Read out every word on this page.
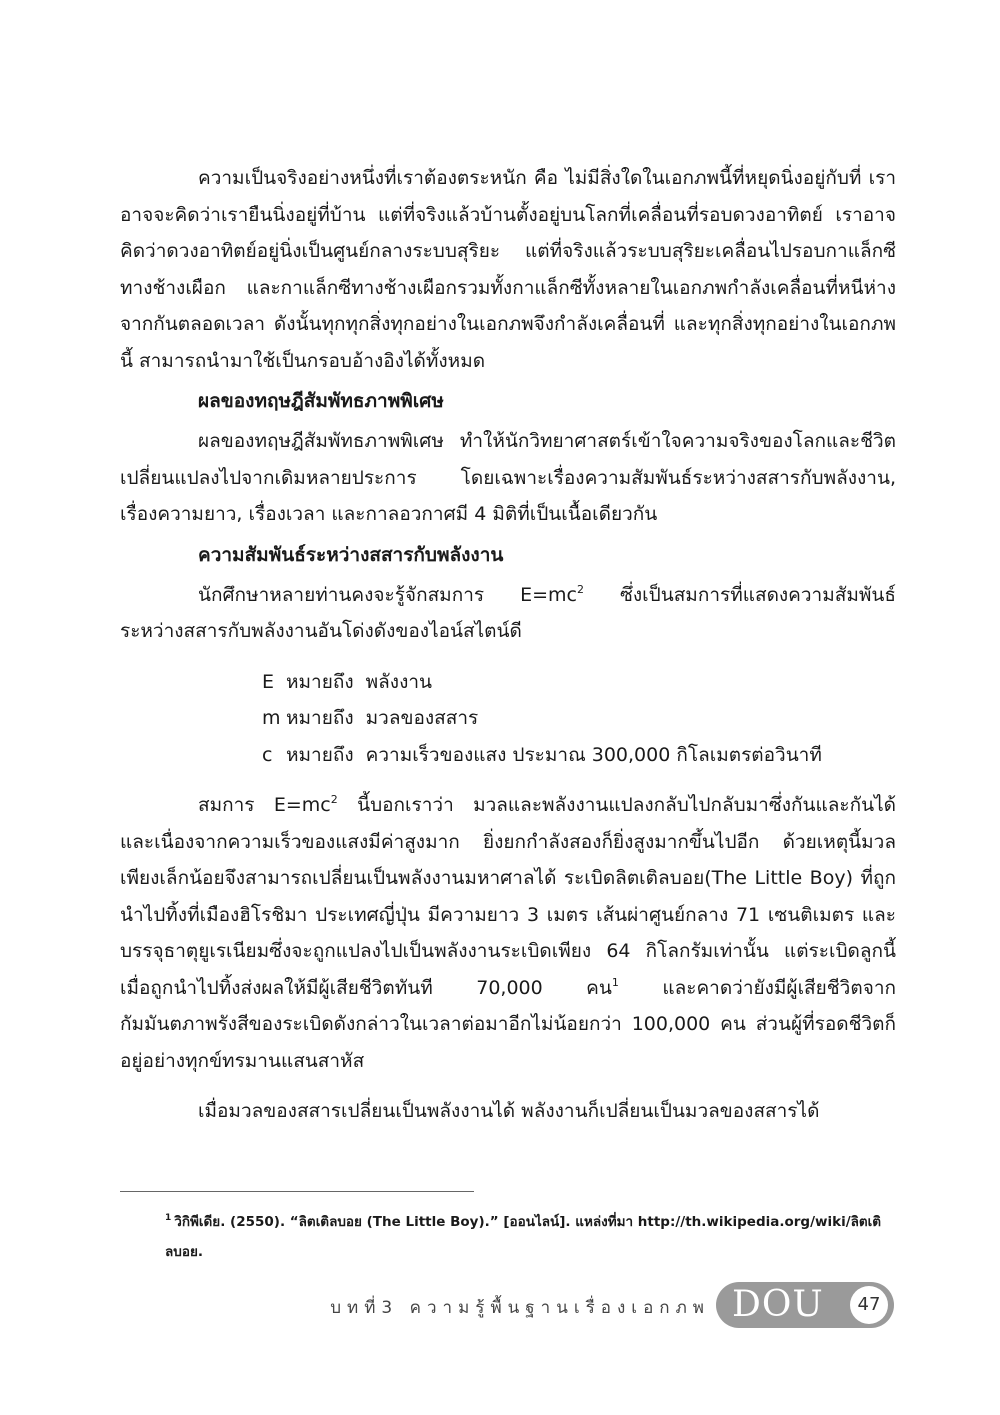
ความเป็นจริงอย่างหนึ่งที่เราต้องตระหนัก คือ ไม่มีสิ่งใดในเอกภพนี้ที่หยุดนิ่งอยู่กับที่ เราอาจจะคิดว่าเรายืนนิ่งอยู่ที่บ้าน แต่ที่จริงแล้วบ้านตั้งอยู่บนโลกที่เคลื่อนที่รอบดวงอาทิตย์ เราอาจคิดว่าดวงอาทิตย์อยู่นิ่งเป็นศูนย์กลางระบบสุริยะ แต่ที่จริงแล้วระบบสุริยะเคลื่อนไปรอบกาแล็กซีทางช้างเผือก และกาแล็กซีทางช้างเผือกรวมทั้งกาแล็กซีทั้งหลายในเอกภพกำลังเคลื่อนที่หนีห่างจากกันตลอดเวลา ดังนั้นทุกทุกสิ่งทุกอย่างในเอกภพจึงกำลังเคลื่อนที่ และทุกสิ่งทุกอย่างในเอกภพนี้ สามารถนำมาใช้เป็นกรอบอ้างอิงได้ทั้งหมด

ผลของทฤษฎีสัมพัทธภาพพิเศษ

ผลของทฤษฎีสัมพัทธภาพพิเศษ ทำให้นักวิทยาศาสตร์เข้าใจความจริงของโลกและชีวิตเปลี่ยนแปลงไปจากเดิมหลายประการ โดยเฉพาะเรื่องความสัมพันธ์ระหว่างสสารกับพลังงาน, เรื่องความยาว, เรื่องเวลา และกาลอวกาศมี 4 มิติที่เป็นเนื้อเดียวกัน

ความสัมพันธ์ระหว่างสสารกับพลังงาน

นักศึกษาหลายท่านคงจะรู้จักสมการ $E=mc^2$ ซึ่งเป็นสมการที่แสดงความสัมพันธ์ระหว่างสสารกับพลังงานอันโด่งดังของไอน์สไตน์ดี

E หมายถึง พลังงาน
m หมายถึง มวลของสสาร
c หมายถึง ความเร็วของแสง ประมาณ 300,000 กิโลเมตรต่อวินาที

สมการ $E=mc^2$ นี้บอกเราว่า มวลและพลังงานแปลงกลับไปกลับมาซึ่งกันและกันได้ และเนื่องจากความเร็วของแสงมีค่าสูงมาก ยิ่งยกกำลังสองก็ยิ่งสูงมากขึ้นไปอีก ด้วยเหตุนี้มวลเพียงเล็กน้อยจึงสามารถเปลี่ยนเป็นพลังงานมหาศาลได้ ระเบิดลิตเติลบอย(The Little Boy) ที่ถูกนำไปทิ้งที่เมืองฮิโรชิมา ประเทศญี่ปุ่น มีความยาว 3 เมตร เส้นผ่าศูนย์กลาง 71 เซนติเมตร และบรรจุธาตุยูเรเนียมซึ่งจะถูกแปลงไปเป็นพลังงานระเบิดเพียง 64 กิโลกรัมเท่านั้น แต่ระเบิดลูกนี้เมื่อถูกนำไปทิ้งส่งผลให้มีผู้เสียชีวิตทันที 70,000 คน$^1$ และคาดว่ายังมีผู้เสียชีวิตจากกัมมันตภาพรังสีของระเบิดดังกล่าวในเวลาต่อมาอีกไม่น้อยกว่า 100,000 คน ส่วนผู้ที่รอดชีวิตก็อยู่อย่างทุกข์ทรมานแสนสาหัส

เมื่อมวลของสสารเปลี่ยนเป็นพลังงานได้ พลังงานก็เปลี่ยนเป็นมวลของสสารได้

$^1$ วิกิพีเดีย. (2550). “ลิตเติลบอย (The Little Boy).” [ออนไลน์]. แหล่งที่มา http://th.wikipedia.org/wiki/ลิตเติลบอย.
บทที่3 ความรู้พื้นฐานเรื่องเอกภพ DOU	47
